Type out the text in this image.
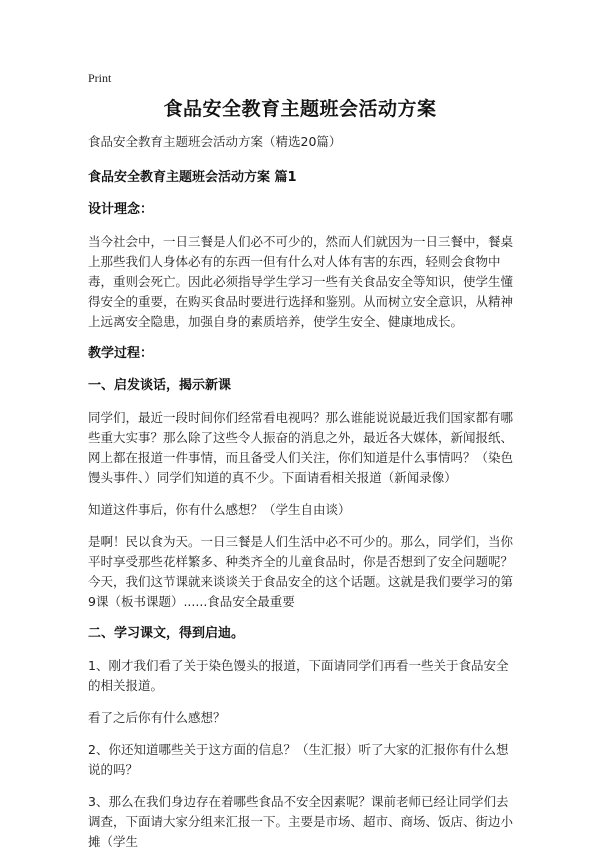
Print
食品安全教育主题班会活动方案

食品安全教育主题班会活动方案（精选20篇）

食品安全教育主题班会活动方案 篇1

设计理念：

当今社会中，一日三餐是人们必不可少的，然而人们就因为一日三餐中，餐桌上那些我们人身体必有的东西一但有什么对人体有害的东西，轻则会食物中毒，重则会死亡。因此必须指导学生学习一些有关食品安全等知识，使学生懂得安全的重要，在购买食品时要进行选择和鉴别。从而树立安全意识，从精神上远离安全隐患，加强自身的素质培养，使学生安全、健康地成长。

教学过程：

一、启发谈话，揭示新课

同学们，最近一段时间你们经常看电视吗？那么谁能说说最近我们国家都有哪些重大实事？那么除了这些令人振奋的消息之外，最近各大媒体，新闻报纸、网上都在报道一件事情，而且备受人们关注，你们知道是什么事情吗？（染色馒头事件、）同学们知道的真不少。下面请看相关报道（新闻录像）

知道这件事后，你有什么感想？（学生自由谈）

是啊！民以食为天。一日三餐是人们生活中必不可少的。那么，同学们，当你平时享受那些花样繁多、种类齐全的儿童食品时，你是否想到了安全问题呢？今天，我们这节课就来谈谈关于食品安全的这个话题。这就是我们要学习的第9课（板书课题）......食品安全最重要

二、学习课文，得到启迪。

1、刚才我们看了关于染色馒头的报道，下面请同学们再看一些关于食品安全的相关报道。

看了之后你有什么感想？

2、你还知道哪些关于这方面的信息？（生汇报）听了大家的汇报你有什么想说的吗？

3、那么在我们身边存在着哪些食品不安全因素呢？课前老师已经让同学们去调查，下面请大家分组来汇报一下。主要是市场、超市、商场、饭店、街边小摊（学生
